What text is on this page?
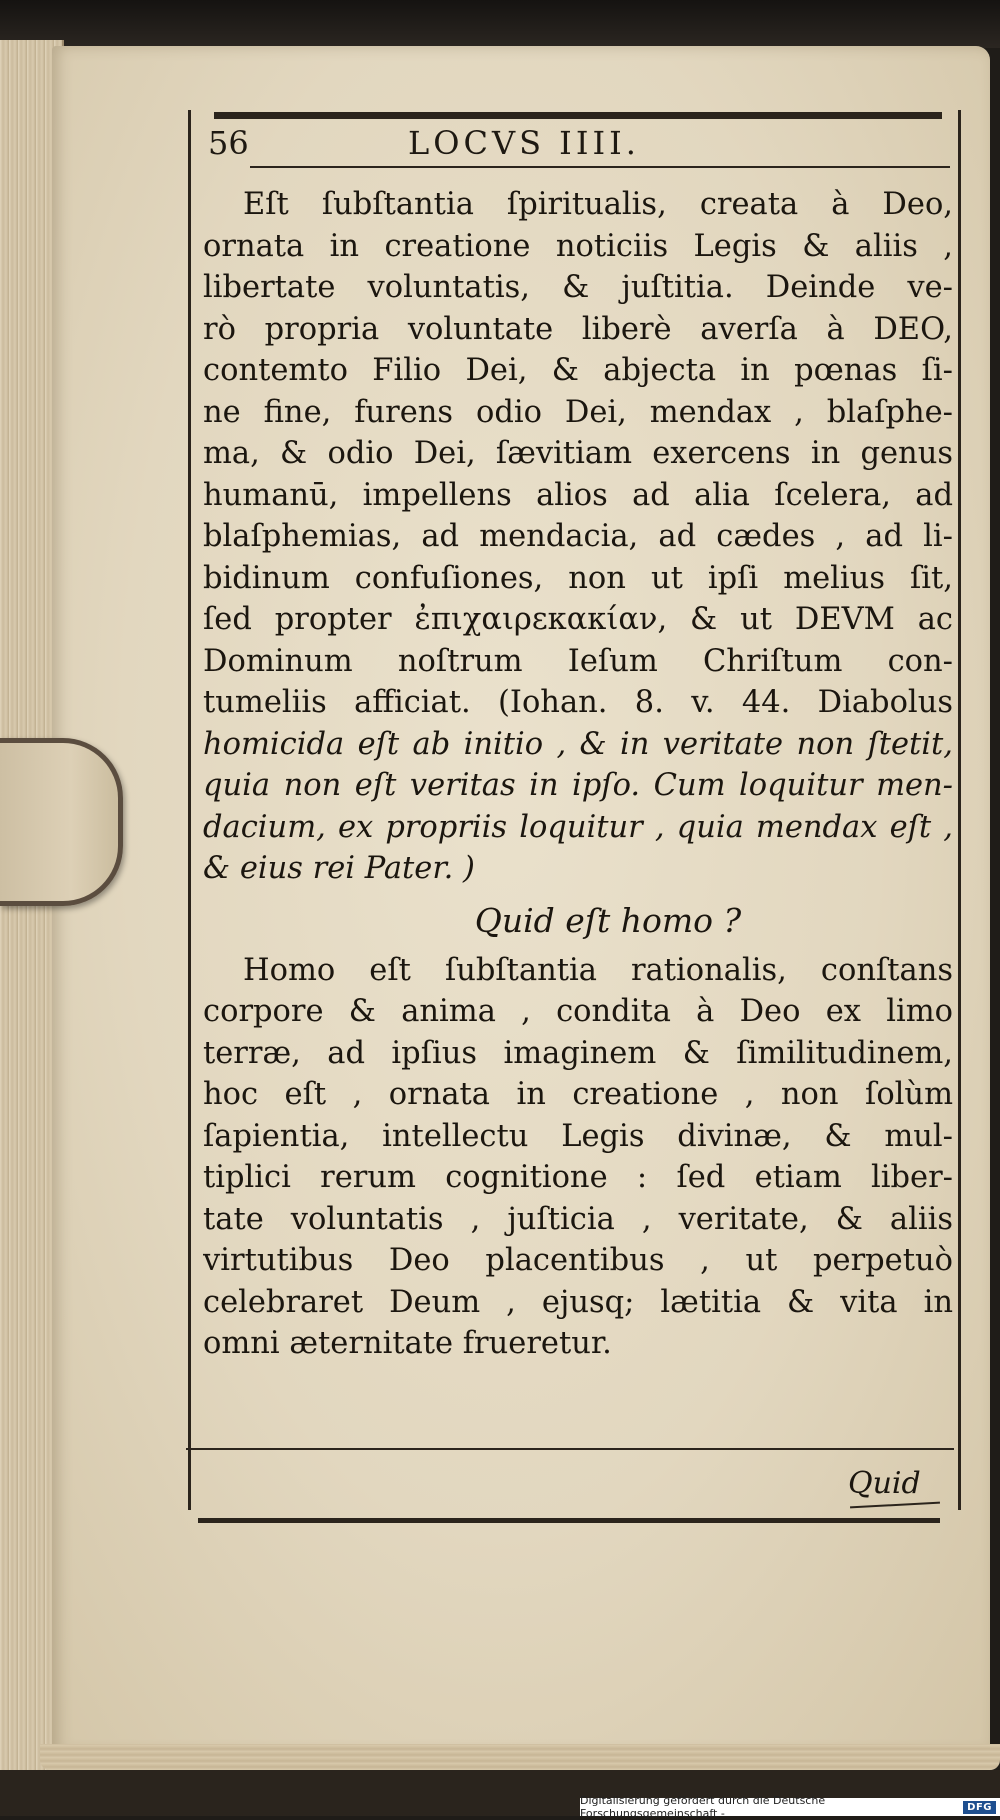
56	LOCVS IIII.
Eſt ſubſtantia ſpiritualis, creata à Deo,
ornata in creatione noticiis Legis & aliis ,
libertate voluntatis, & juſtitia. Deinde ve-
rò propria voluntate liberè averſa à DEO,
contemto Filio Dei, & abjecta in pœnas ſi-
ne fine, furens odio Dei, mendax , blaſphe-
ma, & odio Dei, ſævitiam exercens in genus
humanū, impellens alios ad alia ſcelera, ad
blaſphemias, ad mendacia, ad cædes , ad li-
bidinum confuſiones, non ut ipſi melius ſit,
ſed propter ἐπιχαιρεκακίαν, & ut DEVM ac
Dominum noſtrum Ieſum Chriſtum con-
tumeliis afficiat. (Iohan. 8. v. 44. Diabolus
homicida eſt ab initio , & in veritate non ſtetit,
quia non eſt veritas in ipſo. Cum loquitur men-
dacium, ex propriis loquitur , quia mendax eſt ,
& eius rei Pater. )
Quid eſt homo ?
Homo eſt ſubſtantia rationalis, conſtans
corpore & anima , condita à Deo ex limo
terræ, ad ipſius imaginem & ſimilitudinem,
hoc eſt , ornata in creatione , non ſolùm
ſapientia, intellectu Legis divinæ, & mul-
tiplici rerum cognitione : ſed etiam liber-
tate voluntatis , juſticia , veritate, & aliis
virtutibus Deo placentibus , ut perpetuò
celebraret Deum , ejusq; lætitia & vita in
omni æternitate frueretur.
Quid
Digitalisierung gefördert durch die Deutsche Forschungsgemeinschaft -	DFG
